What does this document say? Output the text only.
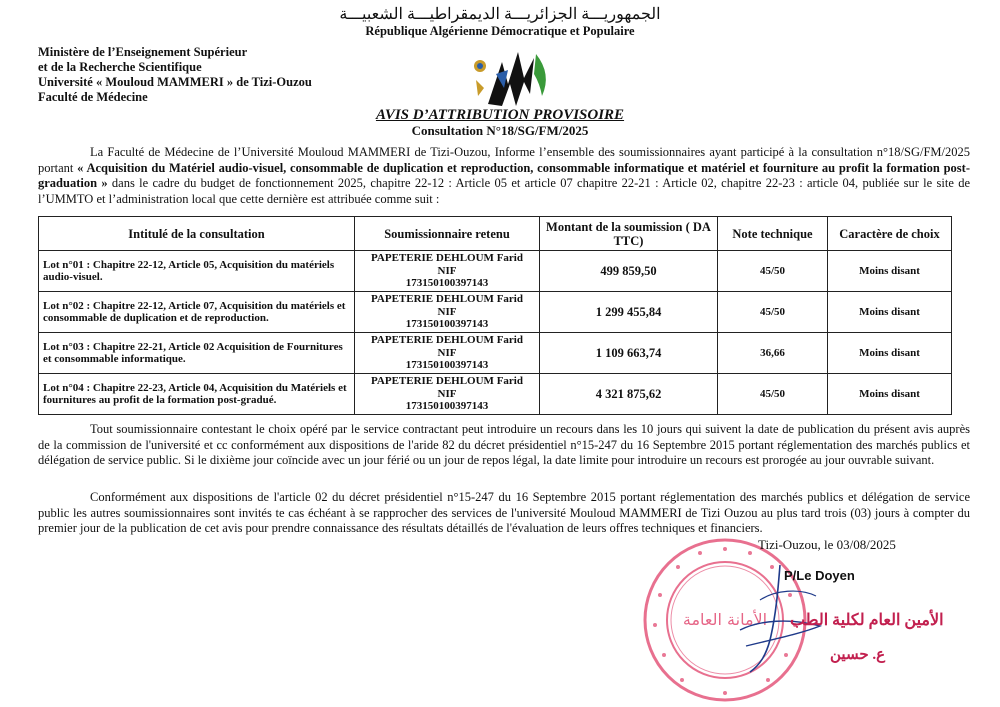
الجمهوريـــة الجزائريـــة الديمقراطيـــة الشعبيـــة
République Algérienne Démocratique et Populaire
Ministère de l’Enseignement Supérieur
et de la Recherche Scientifique
Université « Mouloud MAMMERI » de Tizi-Ouzou
Faculté de Médecine
AVIS D’ATTRIBUTION PROVISOIRE
Consultation N°18/SG/FM/2025

La Faculté de Médecine de l’Université Mouloud MAMMERI de Tizi-Ouzou, Informe l’ensemble des soumissionnaires ayant participé à la consultation n°18/SG/FM/2025 portant « Acquisition du Matériel audio-visuel, consommable de duplication et reproduction, consommable informatique et matériel et fourniture au profit la formation post-graduation » dans le cadre du budget de fonctionnement 2025, chapitre 22-12 : Article 05 et article 07 chapitre 22-21 : Article 02, chapitre 22-23 : article 04, publiée sur le site de l’UMMTO et l’administration local que cette dernière est attribuée comme suit :

Intitulé de la consultation	Soumissionnaire retenu	Montant de la soumission ( DA TTC)	Note technique	Caractère de choix
Lot n°01 : Chapitre 22-12, Article 05, Acquisition du matériels audio-visuel.	PAPETERIE DEHLOUM Farid
NIF
173150100397143	499 859,50	45/50	Moins disant
Lot n°02 : Chapitre 22-12, Article 07, Acquisition du matériels et consommable de duplication et de reproduction.	PAPETERIE DEHLOUM Farid
NIF
173150100397143	1 299 455,84	45/50	Moins disant
Lot n°03 : Chapitre 22-21, Article 02 Acquisition de Fournitures et consommable informatique.	PAPETERIE DEHLOUM Farid
NIF
173150100397143	1 109 663,74	36,66	Moins disant
Lot n°04 : Chapitre 22-23, Article 04, Acquisition du Matériels et fournitures au profit de la formation post-gradué.	PAPETERIE DEHLOUM Farid
NIF
173150100397143	4 321 875,62	45/50	Moins disant

Tout soumissionnaire contestant le choix opéré par le service contractant peut introduire un recours dans les 10 jours qui suivent la date de publication du présent avis auprès de la commission de l'université et cc conformément aux dispositions de l'aride 82 du décret présidentiel n°15-247 du 16 Septembre 2015 portant réglementation des marchés publics et délégation de service public. Si le dixième jour coïncide avec un jour férié ou un jour de repos légal, la date limite pour introduire un recours est prorogée au jour ouvrable suivant.

Conformément aux dispositions de l'article 02 du décret présidentiel n°15-247 du 16 Septembre 2015 portant réglementation des marchés publics et délégation de service public les autres soumissionnaires sont invités te cas échéant à se rapprocher des services de l'université Mouloud MAMMERI de Tizi Ouzou au plus tard trois (03) jours à compter du premier jour de la publication de cet avis pour prendre connaissance des résultats détaillés de l'évaluation de leurs offres techniques et financiers.

الأمانة العامة
Tizi-Ouzou, le 03/08/2025
P/Le Doyen
الأمين العام لكلية الطب
ع. حسين
